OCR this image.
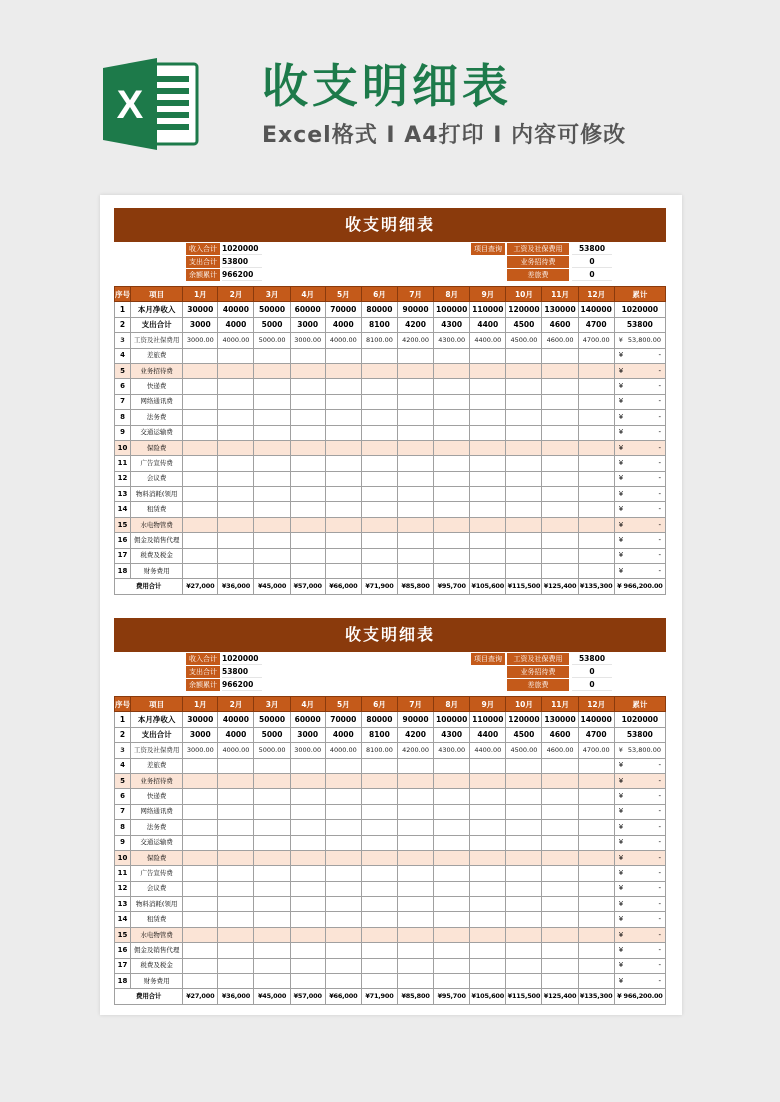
X	收支明细表
Excel格式 I A4打印 I 内容可修改
收支明细表
收入合计 1020000
支出合计 53800
余额累计 966200
项目查询	工资及社保费用	53800
业务招待费	0
差旅费	0
序号	项目	1月	2月	3月	4月	5月	6月	7月	8月	9月	10月	11月	12月	累计
1	本月净收入	30000	40000	50000	60000	70000	80000	90000	100000	110000	120000	130000	140000	1020000
2	支出合计	3000	4000	5000	3000	4000	8100	4200	4300	4400	4500	4600	4700	53800
3	工资及社保费用	3000.00	4000.00	5000.00	3000.00	4000.00	8100.00	4200.00	4300.00	4400.00	4500.00	4600.00	4700.00	¥ 53,800.00
4	差旅费													¥ -
5	业务招待费													¥ -
6	快递费													¥ -
7	网络通讯费													¥ -
8	法务费													¥ -
9	交通运输费													¥ -
10	保险费													¥ -
11	广告宣传费													¥ -
12	会议费													¥ -
13	物料消耗(领用													¥ -
14	租赁费													¥ -
15	水电物管费													¥ -
16	佣金及销售代理													¥ -
17	税费及税金													¥ -
18	财务费用													¥ -
费用合计		¥27,000	¥36,000	¥45,000	¥57,000	¥66,000	¥71,900	¥85,800	¥95,700	¥105,600	¥115,500	¥125,400	¥135,300	¥ 966,200.00
收支明细表
收入合计 1020000
支出合计 53800
余额累计 966200
项目查询	工资及社保费用	53800
业务招待费	0
差旅费	0
序号	项目	1月	2月	3月	4月	5月	6月	7月	8月	9月	10月	11月	12月	累计
1	本月净收入	30000	40000	50000	60000	70000	80000	90000	100000	110000	120000	130000	140000	1020000
2	支出合计	3000	4000	5000	3000	4000	8100	4200	4300	4400	4500	4600	4700	53800
3	工资及社保费用	3000.00	4000.00	5000.00	3000.00	4000.00	8100.00	4200.00	4300.00	4400.00	4500.00	4600.00	4700.00	¥ 53,800.00
4	差旅费													¥ -
5	业务招待费													¥ -
6	快递费													¥ -
7	网络通讯费													¥ -
8	法务费													¥ -
9	交通运输费													¥ -
10	保险费													¥ -
11	广告宣传费													¥ -
12	会议费													¥ -
13	物料消耗(领用													¥ -
14	租赁费													¥ -
15	水电物管费													¥ -
16	佣金及销售代理													¥ -
17	税费及税金													¥ -
18	财务费用													¥ -
费用合计		¥27,000	¥36,000	¥45,000	¥57,000	¥66,000	¥71,900	¥85,800	¥95,700	¥105,600	¥115,500	¥125,400	¥135,300	¥ 966,200.00
